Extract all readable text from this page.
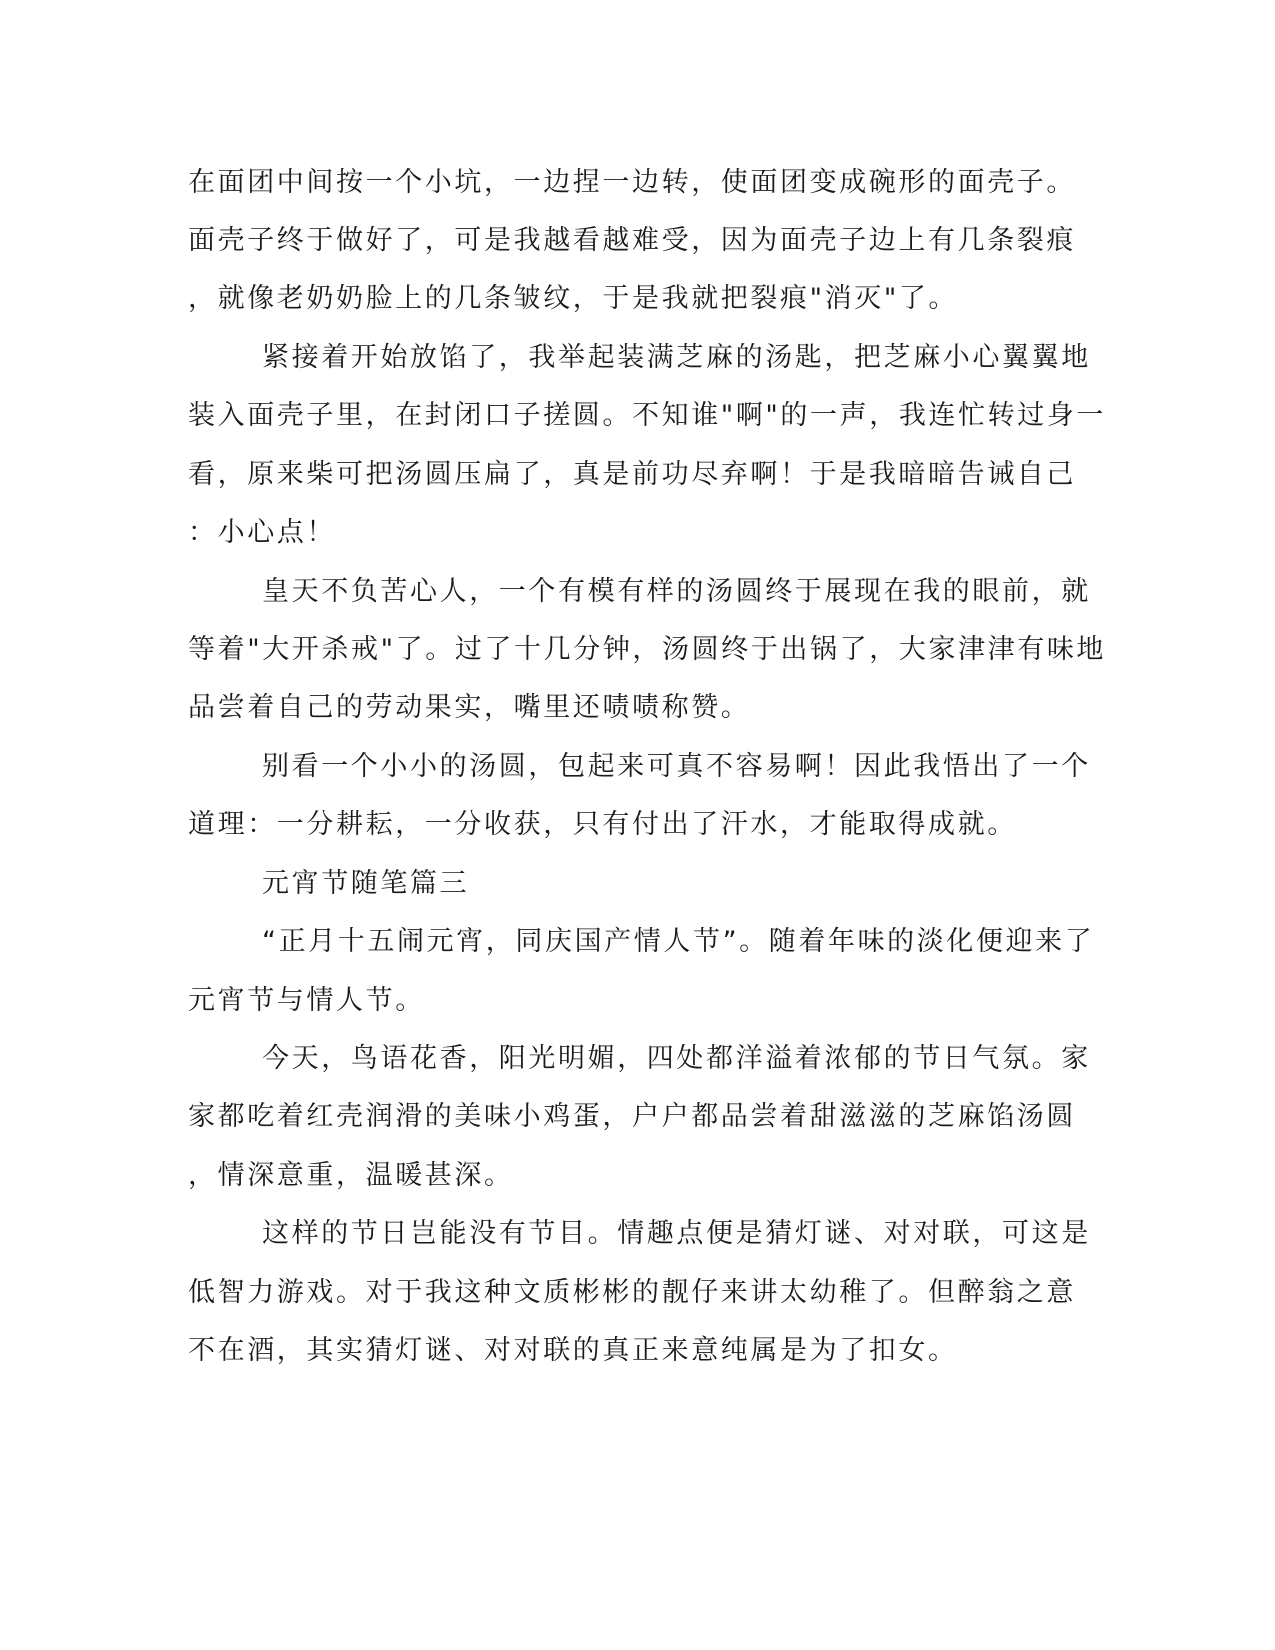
在面团中间按一个小坑，一边捏一边转，使面团变成碗形的面壳子。
面壳子终于做好了，可是我越看越难受，因为面壳子边上有几条裂痕
，就像老奶奶脸上的几条皱纹，于是我就把裂痕"消灭"了。
紧接着开始放馅了，我举起装满芝麻的汤匙，把芝麻小心翼翼地
装入面壳子里，在封闭口子搓圆。不知谁"啊"的一声，我连忙转过身一
看，原来柴可把汤圆压扁了，真是前功尽弃啊！于是我暗暗告诫自己
：小心点！
皇天不负苦心人，一个有模有样的汤圆终于展现在我的眼前，就
等着"大开杀戒"了。过了十几分钟，汤圆终于出锅了，大家津津有味地
品尝着自己的劳动果实，嘴里还啧啧称赞。
别看一个小小的汤圆，包起来可真不容易啊！因此我悟出了一个
道理：一分耕耘，一分收获，只有付出了汗水，才能取得成就。
元宵节随笔篇三
“正月十五闹元宵，同庆国产情人节”。随着年味的淡化便迎来了
元宵节与情人节。
今天，鸟语花香，阳光明媚，四处都洋溢着浓郁的节日气氛。家
家都吃着红壳润滑的美味小鸡蛋，户户都品尝着甜滋滋的芝麻馅汤圆
，情深意重，温暖甚深。
这样的节日岂能没有节目。情趣点便是猜灯谜、对对联，可这是
低智力游戏。对于我这种文质彬彬的靓仔来讲太幼稚了。但醉翁之意
不在酒，其实猜灯谜、对对联的真正来意纯属是为了扣女。
